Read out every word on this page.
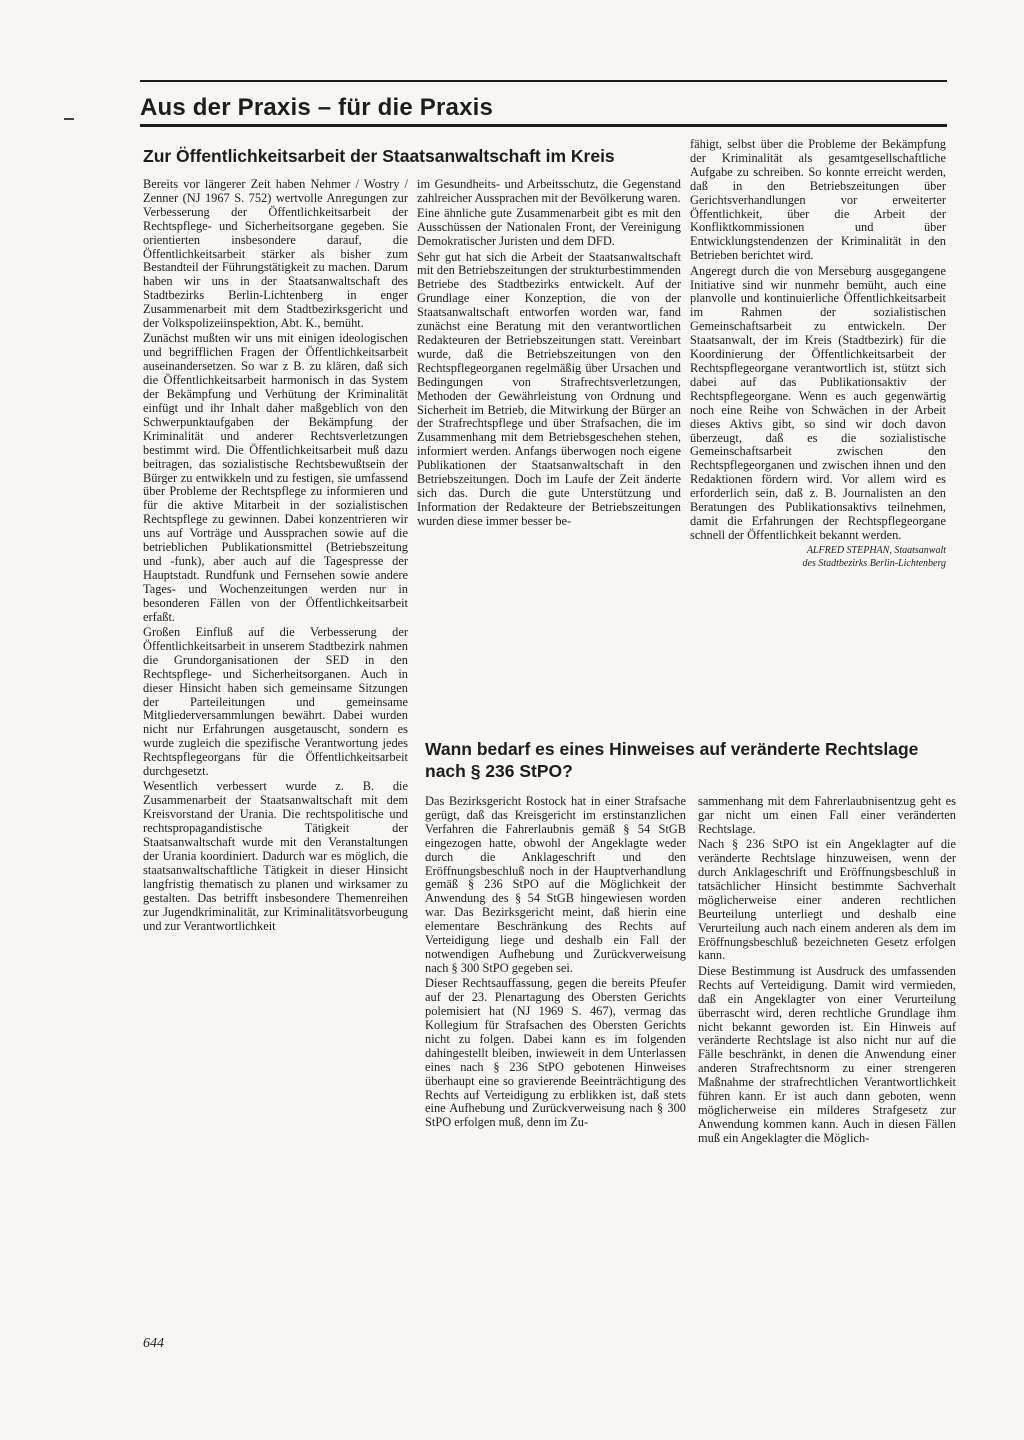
Aus der Praxis – für die Praxis
Zur Öffentlichkeitsarbeit der Staatsanwaltschaft im Kreis

Bereits vor längerer Zeit haben Nehmer / Wostry / Zenner (NJ 1967 S. 752) wertvolle Anregungen zur Verbesserung der Öffentlichkeitsarbeit der Rechtspflege- und Sicherheitsorgane gegeben. Sie orientierten insbesondere darauf, die Öffentlichkeitsarbeit stärker als bisher zum Bestandteil der Führungstätigkeit zu machen. Darum haben wir uns in der Staatsanwaltschaft des Stadtbezirks Berlin-Lichtenberg in enger Zusammenarbeit mit dem Stadtbezirksgericht und der Volkspolizeiinspektion, Abt. K., bemüht.

Zunächst mußten wir uns mit einigen ideologischen und begrifflichen Fragen der Öffentlichkeitsarbeit auseinandersetzen. So war z B. zu klären, daß sich die Öffentlichkeitsarbeit harmonisch in das System der Bekämpfung und Verhütung der Kriminalität einfügt und ihr Inhalt daher maßgeblich von den Schwerpunktaufgaben der Bekämpfung der Kriminalität und anderer Rechtsverletzungen bestimmt wird. Die Öffentlichkeitsarbeit muß dazu beitragen, das sozialistische Rechtsbewußtsein der Bürger zu entwikkeln und zu festigen, sie umfassend über Probleme der Rechtspflege zu informieren und für die aktive Mitarbeit in der sozialistischen Rechtspflege zu gewinnen. Dabei konzentrieren wir uns auf Vorträge und Aussprachen sowie auf die betrieblichen Publikationsmittel (Betriebszeitung und -funk), aber auch auf die Tagespresse der Hauptstadt. Rundfunk und Fernsehen sowie andere Tages- und Wochenzeitungen werden nur in besonderen Fällen von der Öffentlichkeitsarbeit erfaßt.

Großen Einfluß auf die Verbesserung der Öffentlichkeitsarbeit in unserem Stadtbezirk nahmen die Grundorganisationen der SED in den Rechtspflege- und Sicherheitsorganen. Auch in dieser Hinsicht haben sich gemeinsame Sitzungen der Parteileitungen und gemeinsame Mitgliederversammlungen bewährt. Dabei wurden nicht nur Erfahrungen ausgetauscht, sondern es wurde zugleich die spezifische Verantwortung jedes Rechtspflegeorgans für die Öffentlichkeitsarbeit durchgesetzt.

Wesentlich verbessert wurde z. B. die Zusammenarbeit der Staatsanwaltschaft mit dem Kreisvorstand der Urania. Die rechtspolitische und rechtspropagandistische Tätigkeit der Staatsanwaltschaft wurde mit den Veranstaltungen der Urania koordiniert. Dadurch war es möglich, die staatsanwaltschaftliche Tätigkeit in dieser Hinsicht langfristig thematisch zu planen und wirksamer zu gestalten. Das betrifft insbesondere Themenreihen zur Jugendkriminalität, zur Kriminalitätsvorbeugung und zur Verantwortlichkeit

im Gesundheits- und Arbeitsschutz, die Gegenstand zahlreicher Aussprachen mit der Bevölkerung waren.

Eine ähnliche gute Zusammenarbeit gibt es mit den Ausschüssen der Nationalen Front, der Vereinigung Demokratischer Juristen und dem DFD.

Sehr gut hat sich die Arbeit der Staatsanwaltschaft mit den Betriebszeitungen der strukturbestimmenden Betriebe des Stadtbezirks entwickelt. Auf der Grundlage einer Konzeption, die von der Staatsanwaltschaft entworfen worden war, fand zunächst eine Beratung mit den verantwortlichen Redakteuren der Betriebszeitungen statt. Vereinbart wurde, daß die Betriebszeitungen von den Rechtspflegeorganen regelmäßig über Ursachen und Bedingungen von Strafrechtsverletzungen, Methoden der Gewährleistung von Ordnung und Sicherheit im Betrieb, die Mitwirkung der Bürger an der Strafrechtspflege und über Strafsachen, die im Zusammenhang mit dem Betriebsgeschehen stehen, informiert werden. Anfangs überwogen noch eigene Publikationen der Staatsanwaltschaft in den Betriebszeitungen. Doch im Laufe der Zeit änderte sich das. Durch die gute Unterstützung und Information der Redakteure der Betriebszeitungen wurden diese immer besser be-

fähigt, selbst über die Probleme der Bekämpfung der Kriminalität als gesamtgesellschaftliche Aufgabe zu schreiben. So konnte erreicht werden, daß in den Betriebszeitungen über Gerichtsverhandlungen vor erweiterter Öffentlichkeit, über die Arbeit der Konfliktkommissionen und über Entwicklungstendenzen der Kriminalität in den Betrieben berichtet wird.

Angeregt durch die von Merseburg ausgegangene Initiative sind wir nunmehr bemüht, auch eine planvolle und kontinuierliche Öffentlichkeitsarbeit im Rahmen der sozialistischen Gemeinschaftsarbeit zu entwickeln. Der Staatsanwalt, der im Kreis (Stadtbezirk) für die Koordinierung der Öffentlichkeitsarbeit der Rechtspflegeorgane verantwortlich ist, stützt sich dabei auf das Publikationsaktiv der Rechtspflegeorgane. Wenn es auch gegenwärtig noch eine Reihe von Schwächen in der Arbeit dieses Aktivs gibt, so sind wir doch davon überzeugt, daß es die sozialistische Gemeinschaftsarbeit zwischen den Rechtspflegeorganen und zwischen ihnen und den Redaktionen fördern wird. Vor allem wird es erforderlich sein, daß z. B. Journalisten an den Beratungen des Publikationsaktivs teilnehmen, damit die Erfahrungen der Rechtspflegeorgane schnell der Öffentlichkeit bekannt werden.

ALFRED STEPHAN, Staatsanwalt

des Stadtbezirks Berlin-Lichtenberg

Wann bedarf es eines Hinweises auf veränderte Rechtslage
nach § 236 StPO?

Das Bezirksgericht Rostock hat in einer Strafsache gerügt, daß das Kreisgericht im erstinstanzlichen Verfahren die Fahrerlaubnis gemäß § 54 StGB eingezogen hatte, obwohl der Angeklagte weder durch die Anklageschrift und den Eröffnungsbeschluß noch in der Hauptverhandlung gemäß § 236 StPO auf die Möglichkeit der Anwendung des § 54 StGB hingewiesen worden war. Das Bezirksgericht meint, daß hierin eine elementare Beschränkung des Rechts auf Verteidigung liege und deshalb ein Fall der notwendigen Aufhebung und Zurückverweisung nach § 300 StPO gegeben sei.

Dieser Rechtsauffassung, gegen die bereits Pfeufer auf der 23. Plenartagung des Obersten Gerichts polemisiert hat (NJ 1969 S. 467), vermag das Kollegium für Strafsachen des Obersten Gerichts nicht zu folgen. Dabei kann es im folgenden dahingestellt bleiben, inwieweit in dem Unterlassen eines nach § 236 StPO gebotenen Hinweises überhaupt eine so gravierende Beeinträchtigung des Rechts auf Verteidigung zu erblikken ist, daß stets eine Aufhebung und Zurückverweisung nach § 300 StPO erfolgen muß, denn im Zu-

sammenhang mit dem Fahrerlaubnisentzug geht es gar nicht um einen Fall einer veränderten Rechtslage.

Nach § 236 StPO ist ein Angeklagter auf die veränderte Rechtslage hinzuweisen, wenn der durch Anklageschrift und Eröffnungsbeschluß in tatsächlicher Hinsicht bestimmte Sachverhalt möglicherweise einer anderen rechtlichen Beurteilung unterliegt und deshalb eine Verurteilung auch nach einem anderen als dem im Eröffnungsbeschluß bezeichneten Gesetz erfolgen kann.

Diese Bestimmung ist Ausdruck des umfassenden Rechts auf Verteidigung. Damit wird vermieden, daß ein Angeklagter von einer Verurteilung überrascht wird, deren rechtliche Grundlage ihm nicht bekannt geworden ist. Ein Hinweis auf veränderte Rechtslage ist also nicht nur auf die Fälle beschränkt, in denen die Anwendung einer anderen Strafrechtsnorm zu einer strengeren Maßnahme der strafrechtlichen Verantwortlichkeit führen kann. Er ist auch dann geboten, wenn möglicherweise ein milderes Strafgesetz zur Anwendung kommen kann. Auch in diesen Fällen muß ein Angeklagter die Möglich-

644
